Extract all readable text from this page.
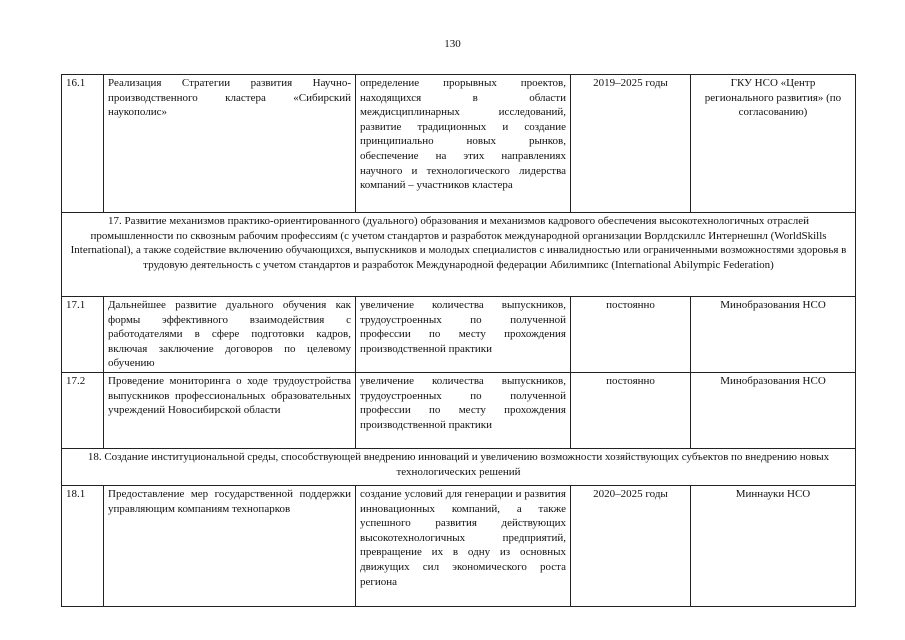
130
16.1	Реализация Стратегии развития Научно-производственного кластера «Сибирский наукополис»	определение прорывных проектов, находящихся в области междисциплинарных исследований, развитие традиционных и создание принципиально новых рынков, обеспечение на этих направлениях научного и технологического лидерства компаний – участников кластера	2019–2025 годы	ГКУ НСО «Центр регионального развития» (по согласованию)
17. Развитие механизмов практико-ориентированного (дуального) образования и механизмов кадрового обеспечения высокотехнологичных отраслей промышленности по сквозным рабочим профессиям (с учетом стандартов и разработок международной организации Ворлдскиллс Интернешнл (WorldSkills International), а также содействие включению обучающихся, выпускников и молодых специалистов с инвалидностью или ограниченными возможностями здоровья в трудовую деятельность с учетом стандартов и разработок Международной федерации Абилимпикс (International Abilympic Federation)				
17.1	Дальнейшее развитие дуального обучения как формы эффективного взаимодействия с работодателями в сфере подготовки кадров, включая заключение договоров по целевому обучению	увеличение количества выпускников, трудоустроенных по полученной профессии по месту прохождения производственной практики	постоянно	Минобразования НСО
17.2	Проведение мониторинга о ходе трудоустройства выпускников профессиональных образовательных учреждений Новосибирской области	увеличение количества выпускников, трудоустроенных по полученной профессии по месту прохождения производственной практики	постоянно	Минобразования НСО
18. Создание институциональной среды, способствующей внедрению инноваций и увеличению возможности хозяйствующих субъектов по внедрению новых технологических решений				
18.1	Предоставление мер государственной поддержки управляющим компаниям технопарков	создание условий для генерации и развития инновационных компаний, а также успешного развития действующих высокотехнологичных предприятий, превращение их в одну из основных движущих сил экономического роста региона	2020–2025 годы	Миннауки НСО
